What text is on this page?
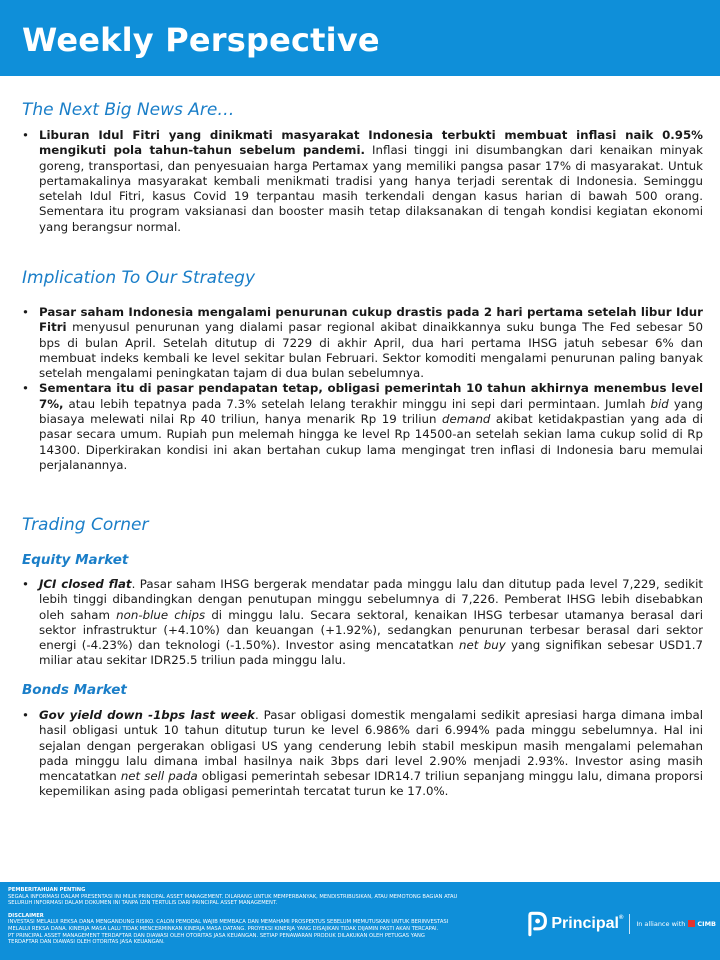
Weekly Perspective
The Next Big News Are…
• Liburan Idul Fitri yang dinikmati masyarakat Indonesia terbukti membuat inflasi naik 0.95% mengikuti pola tahun-tahun sebelum pandemi. Inflasi tinggi ini disumbangkan dari kenaikan minyak goreng, transportasi, dan penyesuaian harga Pertamax yang memiliki pangsa pasar 17% di masyarakat. Untuk pertamakalinya masyarakat kembali menikmati tradisi yang hanya terjadi serentak di Indonesia. Seminggu setelah Idul Fitri, kasus Covid 19 terpantau masih terkendali dengan kasus harian di bawah 500 orang. Sementara itu program vaksianasi dan booster masih tetap dilaksanakan di tengah kondisi kegiatan ekonomi yang berangsur normal.
Implication To Our Strategy
• Pasar saham Indonesia mengalami penurunan cukup drastis pada 2 hari pertama setelah libur Idur Fitri menyusul penurunan yang dialami pasar regional akibat dinaikkannya suku bunga The Fed sebesar 50 bps di bulan April. Setelah ditutup di 7229 di akhir April, dua hari pertama IHSG jatuh sebesar 6% dan membuat indeks kembali ke level sekitar bulan Februari. Sektor komoditi mengalami penurunan paling banyak setelah mengalami peningkatan tajam di dua bulan sebelumnya.
• Sementara itu di pasar pendapatan tetap, obligasi pemerintah 10 tahun akhirnya menembus level 7%, atau lebih tepatnya pada 7.3% setelah lelang terakhir minggu ini sepi dari permintaan. Jumlah bid yang biasaya melewati nilai Rp 40 triliun, hanya menarik Rp 19 triliun demand akibat ketidakpastian yang ada di pasar secara umum. Rupiah pun melemah hingga ke level Rp 14500-an setelah sekian lama cukup solid di Rp 14300. Diperkirakan kondisi ini akan bertahan cukup lama mengingat tren inflasi di Indonesia baru memulai perjalanannya.
Trading Corner
Equity Market
• JCI closed flat. Pasar saham IHSG bergerak mendatar pada minggu lalu dan ditutup pada level 7,229, sedikit lebih tinggi dibandingkan dengan penutupan minggu sebelumnya di 7,226. Pemberat IHSG lebih disebabkan oleh saham non-blue chips di minggu lalu. Secara sektoral, kenaikan IHSG terbesar utamanya berasal dari sektor infrastruktur (+4.10%) dan keuangan (+1.92%), sedangkan penurunan terbesar berasal dari sektor energi (-4.23%) dan teknologi (-1.50%). Investor asing mencatatkan net buy yang signifikan sebesar USD1.7 miliar atau sekitar IDR25.5 triliun pada minggu lalu.
Bonds Market
• Gov yield down -1bps last week. Pasar obligasi domestik mengalami sedikit apresiasi harga dimana imbal hasil obligasi untuk 10 tahun ditutup turun ke level 6.986% dari 6.994% pada minggu sebelumnya. Hal ini sejalan dengan pergerakan obligasi US yang cenderung lebih stabil meskipun masih mengalami pelemahan pada minggu lalu dimana imbal hasilnya naik 3bps dari level 2.90% menjadi 2.93%. Investor asing masih mencatatkan net sell pada obligasi pemerintah sebesar IDR14.7 triliun sepanjang minggu lalu, dimana proporsi kepemilikan asing pada obligasi pemerintah tercatat turun ke 17.0%.
PEMBERITAHUAN PENTING
SEGALA INFORMASI DALAM PRESENTASI INI MILIK PRINCIPAL ASSET MANAGEMENT. DILARANG UNTUK MEMPERBANYAK, MENDISTRIBUSIKAN, ATAU MEMOTONG BAGIAN ATAU
SELURUH INFORMASI DALAM DOKUMEN INI TANPA IZIN TERTULIS DARI PRINCIPAL ASSET MANAGEMENT.
DISCLAIMER
INVESTASI MELALUI REKSA DANA MENGANDUNG RISIKO. CALON PEMODAL WAJIB MEMBACA DAN MEMAHAMI PROSPEKTUS SEBELUM MEMUTUSKAN UNTUK BERINVESTASI
MELALUI REKSA DANA. KINERJA MASA LALU TIDAK MENCERMINKAN KINERJA MASA DATANG. PROYEKSI KINERJA YANG DISAJIKAN TIDAK DIJAMIN PASTI AKAN TERCAPAI.
PT PRINCIPAL ASSET MANAGEMENT TERDAFTAR DAN DIAWASI OLEH OTORITAS JASA KEUANGAN. SETIAP PENAWARAN PRODUK DILAKUKAN OLEH PETUGAS YANG
TERDAFTAR DAN DIAWASI OLEH OTORITAS JASA KEUANGAN.
Principal®
In alliance with CIMB
